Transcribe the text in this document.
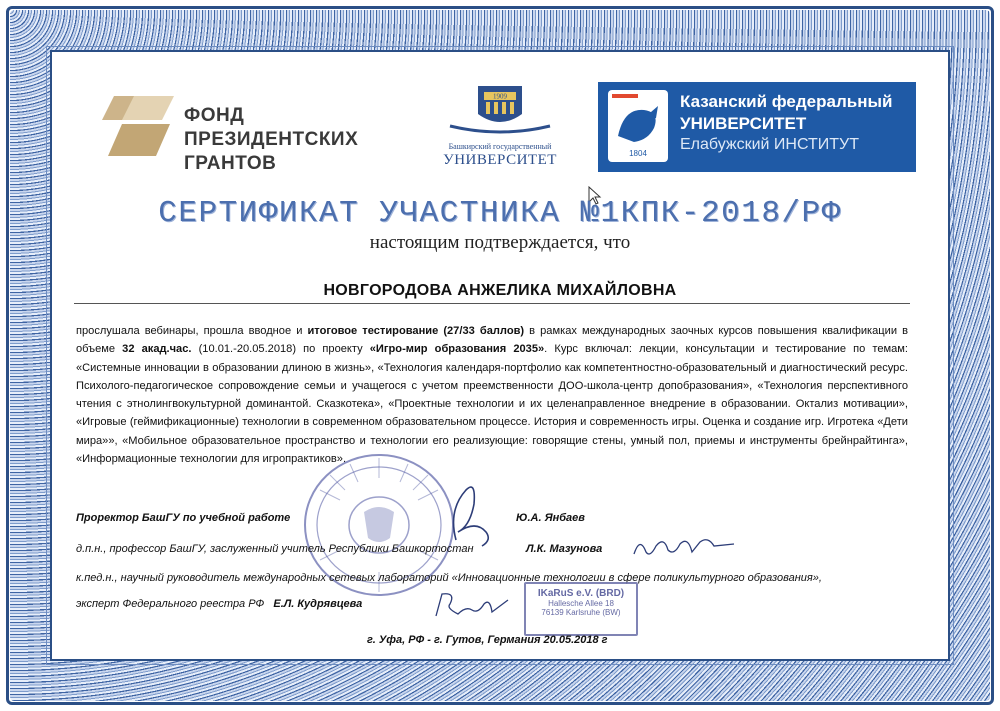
ФОНД
ПРЕЗИДЕНТСКИХ
ГРАНТОВ
1909
Башкирский государственный
УНИВЕРСИТЕТ	1804
Казанский федеральный
УНИВЕРСИТЕТ
Елабужский ИНСТИТУТ
СЕРТИФИКАТ УЧАСТНИКА №1КПК-2018/РФ
настоящим подтверждается, что
НОВГОРОДОВА АНЖЕЛИКА МИХАЙЛОВНА
прослушала вебинары, прошла вводное и итоговое тестирование (27/33 баллов) в рамках международных заочных курсов повышения квалификации в объеме 32 акад.час. (10.01.-20.05.2018) по проекту «Игро-мир образования 2035». Курс включал: лекции, консультации и тестирование по темам: «Системные инновации в образовании длиною в жизнь», «Технология календаря-портфолио как компетентностно-образовательный и диагностический ресурс. Психолого-педагогическое сопровождение семьи и учащегося с учетом преемственности ДОО-школа-центр допобразования», «Технология перспективного чтения с этнолингвокультурной доминантой. Сказкотека», «Проектные технологии и их целенаправленное внедрение в образовании. Октализ мотивации», «Игровые (геймификационные) технологии в современном образовательном процессе. История и современность игры. Оценка и создание игр. Игротека «Дети мира»», «Мобильное образовательное пространство и технологии его реализующие: говорящие стены, умный пол, приемы и инструменты брейнрайтинга», «Информационные технологии для игропрактиков».
Проректор БашГУ по учебной работе	Ю.А. Янбаев
д.п.н., профессор БашГУ, заслуженный учитель Республики Башкортостан	Л.К. Мазунова
к.пед.н., научный руководитель международных сетевых лабораторий «Инновационные технологии в сфере поликультурного образования»,
эксперт Федерального реестра РФ Е.Л. Кудрявцева
IKaRuS e.V. (BRD)
Hallesche Allee 18
76139 Karlsruhe (BW)
г. Уфа, РФ - г. Гутов, Германия 20.05.2018 г
